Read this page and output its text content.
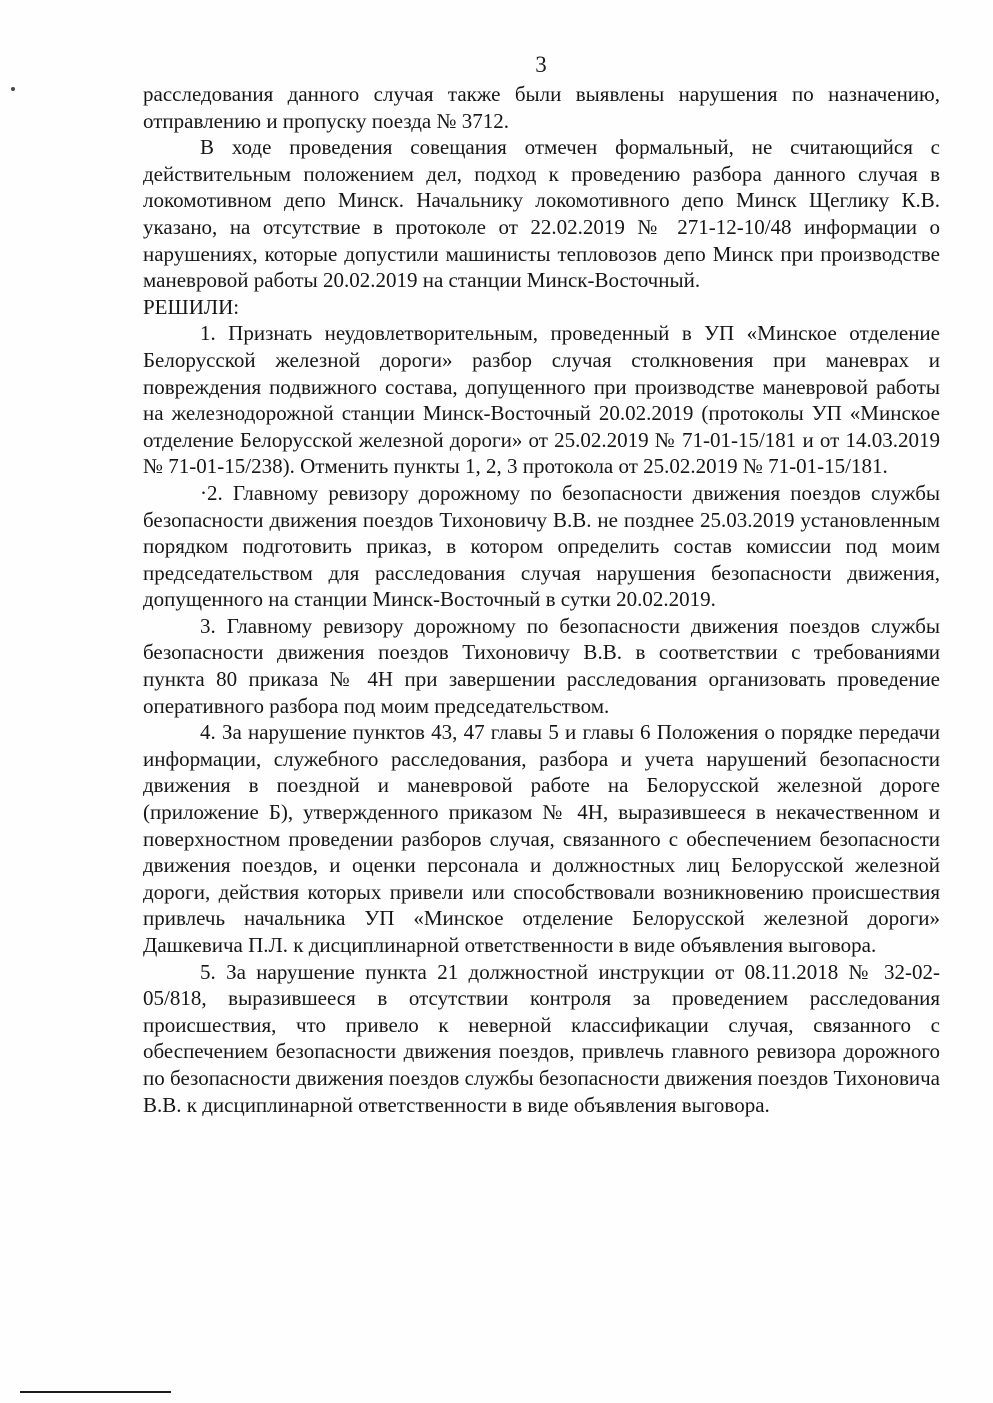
3

расследования данного случая также были выявлены нарушения по назначению, отправлению и пропуску поезда № 3712.

В ходе проведения совещания отмечен формальный, не считающийся с действительным положением дел, подход к проведению разбора данного случая в локомотивном депо Минск. Начальнику локомотивного депо Минск Щеглику К.В. указано, на отсутствие в протоколе от 22.02.2019 № 271-12-10/48 информации о нарушениях, которые допустили машинисты тепловозов депо Минск при производстве маневровой работы 20.02.2019 на станции Минск-Восточный.

РЕШИЛИ:

1. Признать неудовлетворительным, проведенный в УП «Минское отделение Белорусской железной дороги» разбор случая столкновения при маневрах и повреждения подвижного состава, допущенного при производстве маневровой работы на железнодорожной станции Минск-Восточный 20.02.2019 (протоколы УП «Минское отделение Белорусской железной дороги» от 25.02.2019 № 71-01-15/181 и от 14.03.2019 № 71-01-15/238). Отменить пункты 1, 2, 3 протокола от 25.02.2019 № 71-01-15/181.

·2. Главному ревизору дорожному по безопасности движения поездов службы безопасности движения поездов Тихоновичу В.В. не позднее 25.03.2019 установленным порядком подготовить приказ, в котором определить состав комиссии под моим председательством для расследования случая нарушения безопасности движения, допущенного на станции Минск-Восточный в сутки 20.02.2019.

3. Главному ревизору дорожному по безопасности движения поездов службы безопасности движения поездов Тихоновичу В.В. в соответствии с требованиями пункта 80 приказа № 4Н при завершении расследования организовать проведение оперативного разбора под моим председательством.

4. За нарушение пунктов 43, 47 главы 5 и главы 6 Положения о порядке передачи информации, служебного расследования, разбора и учета нарушений безопасности движения в поездной и маневровой работе на Белорусской железной дороге (приложение Б), утвержденного приказом № 4Н, выразившееся в некачественном и поверхностном проведении разборов случая, связанного с обеспечением безопасности движения поездов, и оценки персонала и должностных лиц Белорусской железной дороги, действия которых привели или способствовали возникновению происшествия привлечь начальника УП «Минское отделение Белорусской железной дороги» Дашкевича П.Л. к дисциплинарной ответственности в виде объявления выговора.

5. За нарушение пункта 21 должностной инструкции от 08.11.2018 № 32-02-05/818, выразившееся в отсутствии контроля за проведением расследования происшествия, что привело к неверной классификации случая, связанного с обеспечением безопасности движения поездов, привлечь главного ревизора дорожного по безопасности движения поездов службы безопасности движения поездов Тихоновича В.В. к дисциплинарной ответственности в виде объявления выговора.
